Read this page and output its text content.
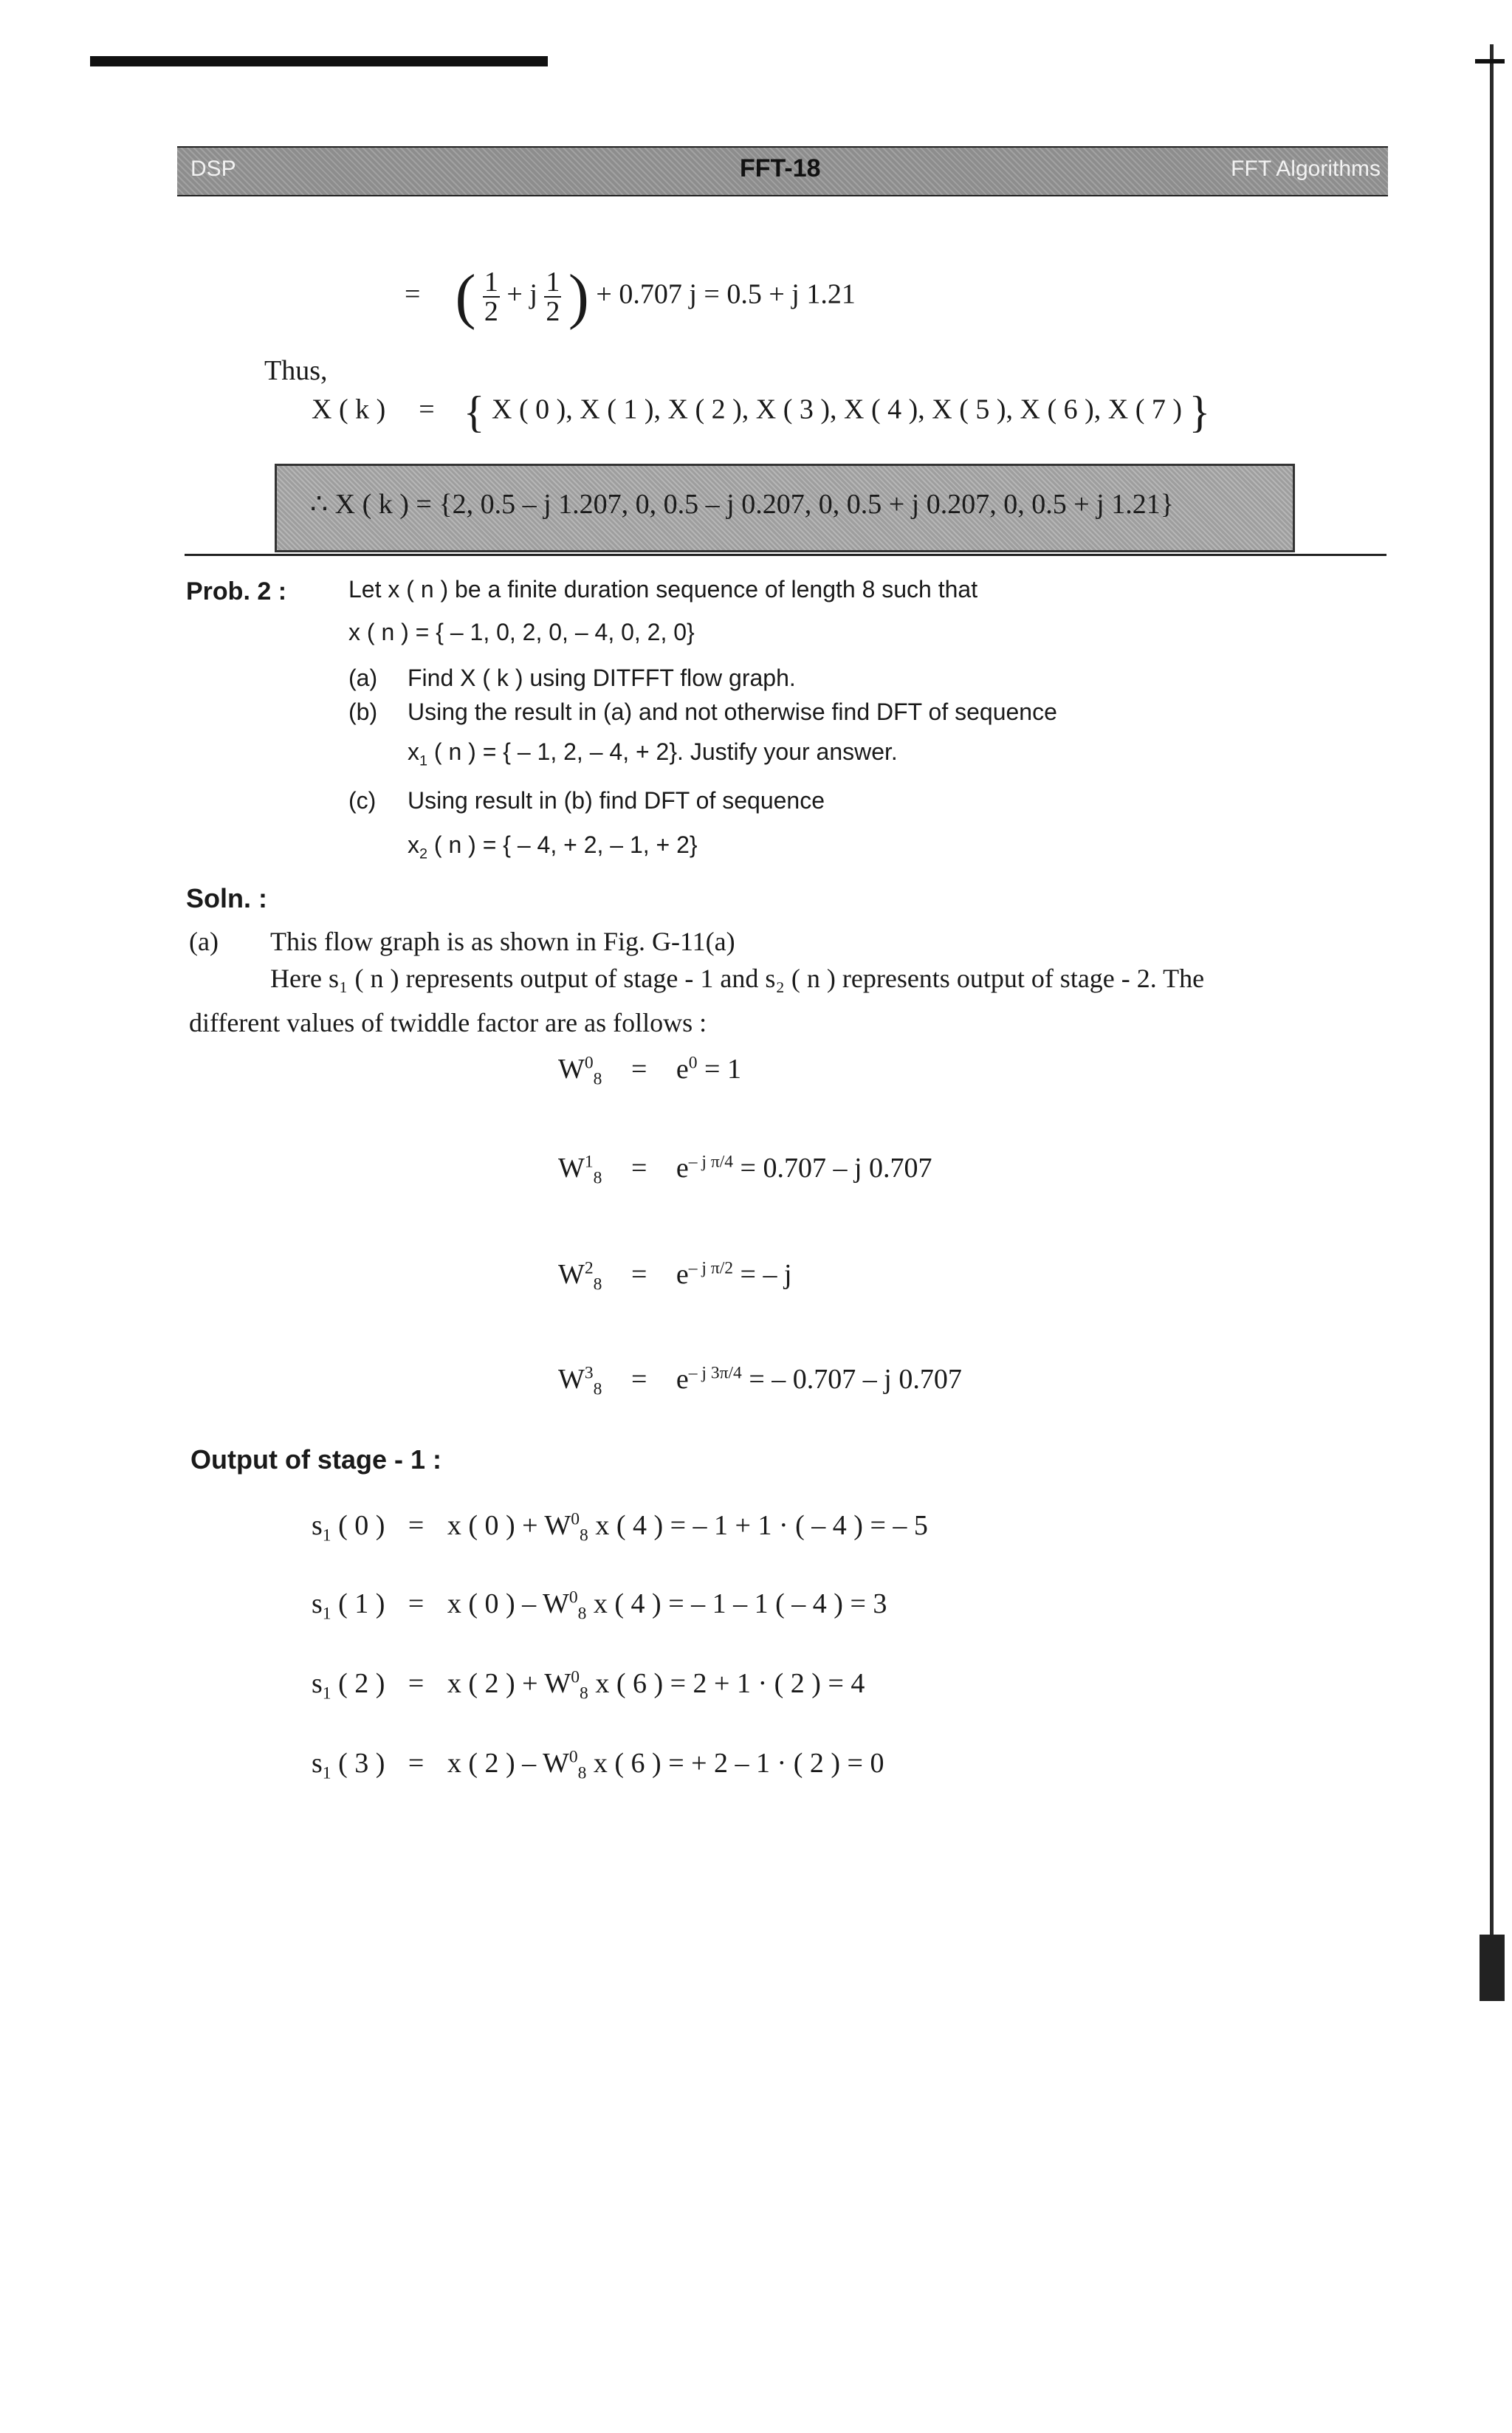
DSP	FFT-18	FFT Algorithms
= ( $\frac{1}{2} + j \frac{1}{2}$ ) + 0.707 j = 0.5 + j 1.21
Thus,
X ( k ) = { X ( 0 ), X ( 1 ), X ( 2 ), X ( 3 ), X ( 4 ), X ( 5 ), X ( 6 ), X ( 7 ) }
∴ X ( k ) = {2, 0.5 – j 1.207, 0, 0.5 – j 0.207, 0, 0.5 + j 0.207, 0, 0.5 + j 1.21}
Prob. 2 :	Let x ( n ) be a finite duration sequence of length 8 such that
x ( n ) = { – 1, 0, 2, 0, – 4, 0, 2, 0}
(a) Find X ( k ) using DITFFT flow graph.
(b) Using the result in (a) and not otherwise find DFT of sequence
$x_1$ ( n ) = { – 1, 2, – 4, + 2}. Justify your answer.
(c) Using result in (b) find DFT of sequence
$x_2$ ( n ) = { – 4, + 2, – 1, + 2}
Soln. :
(a) This flow graph is as shown in Fig. G-11(a)
Here s₁ ( n ) represents output of stage - 1 and s₂ ( n ) represents output of stage - 2. The
different values of twiddle factor are as follows :
$W^0_8 = e^0 = 1$
$W^1_8 = e^{- j \pi/4} = 0.707 - j$ 0.707
$W^2_8 = e^{- j \pi/2}$ = – j
$W^3_8 = e^{- j 3\pi/4}$ = – 0.707 – j 0.707
Output of stage - 1 :
$s_1$ ( 0 ) = x ( 0 ) + $W^0_8$ x ( 4 ) = – 1 + 1 · ( – 4 ) = – 5
$s_1$ ( 1 ) = x ( 0 ) – $W^0_8$ x ( 4 ) = – 1 – 1 ( – 4 ) = 3
$s_1$ ( 2 ) = x ( 2 ) + $W^0_8$ x ( 6 ) = 2 + 1 · ( 2 ) = 4
$s_1$ ( 3 ) = x ( 2 ) – $W^0_8$ x ( 6 ) = + 2 – 1 · ( 2 ) = 0
